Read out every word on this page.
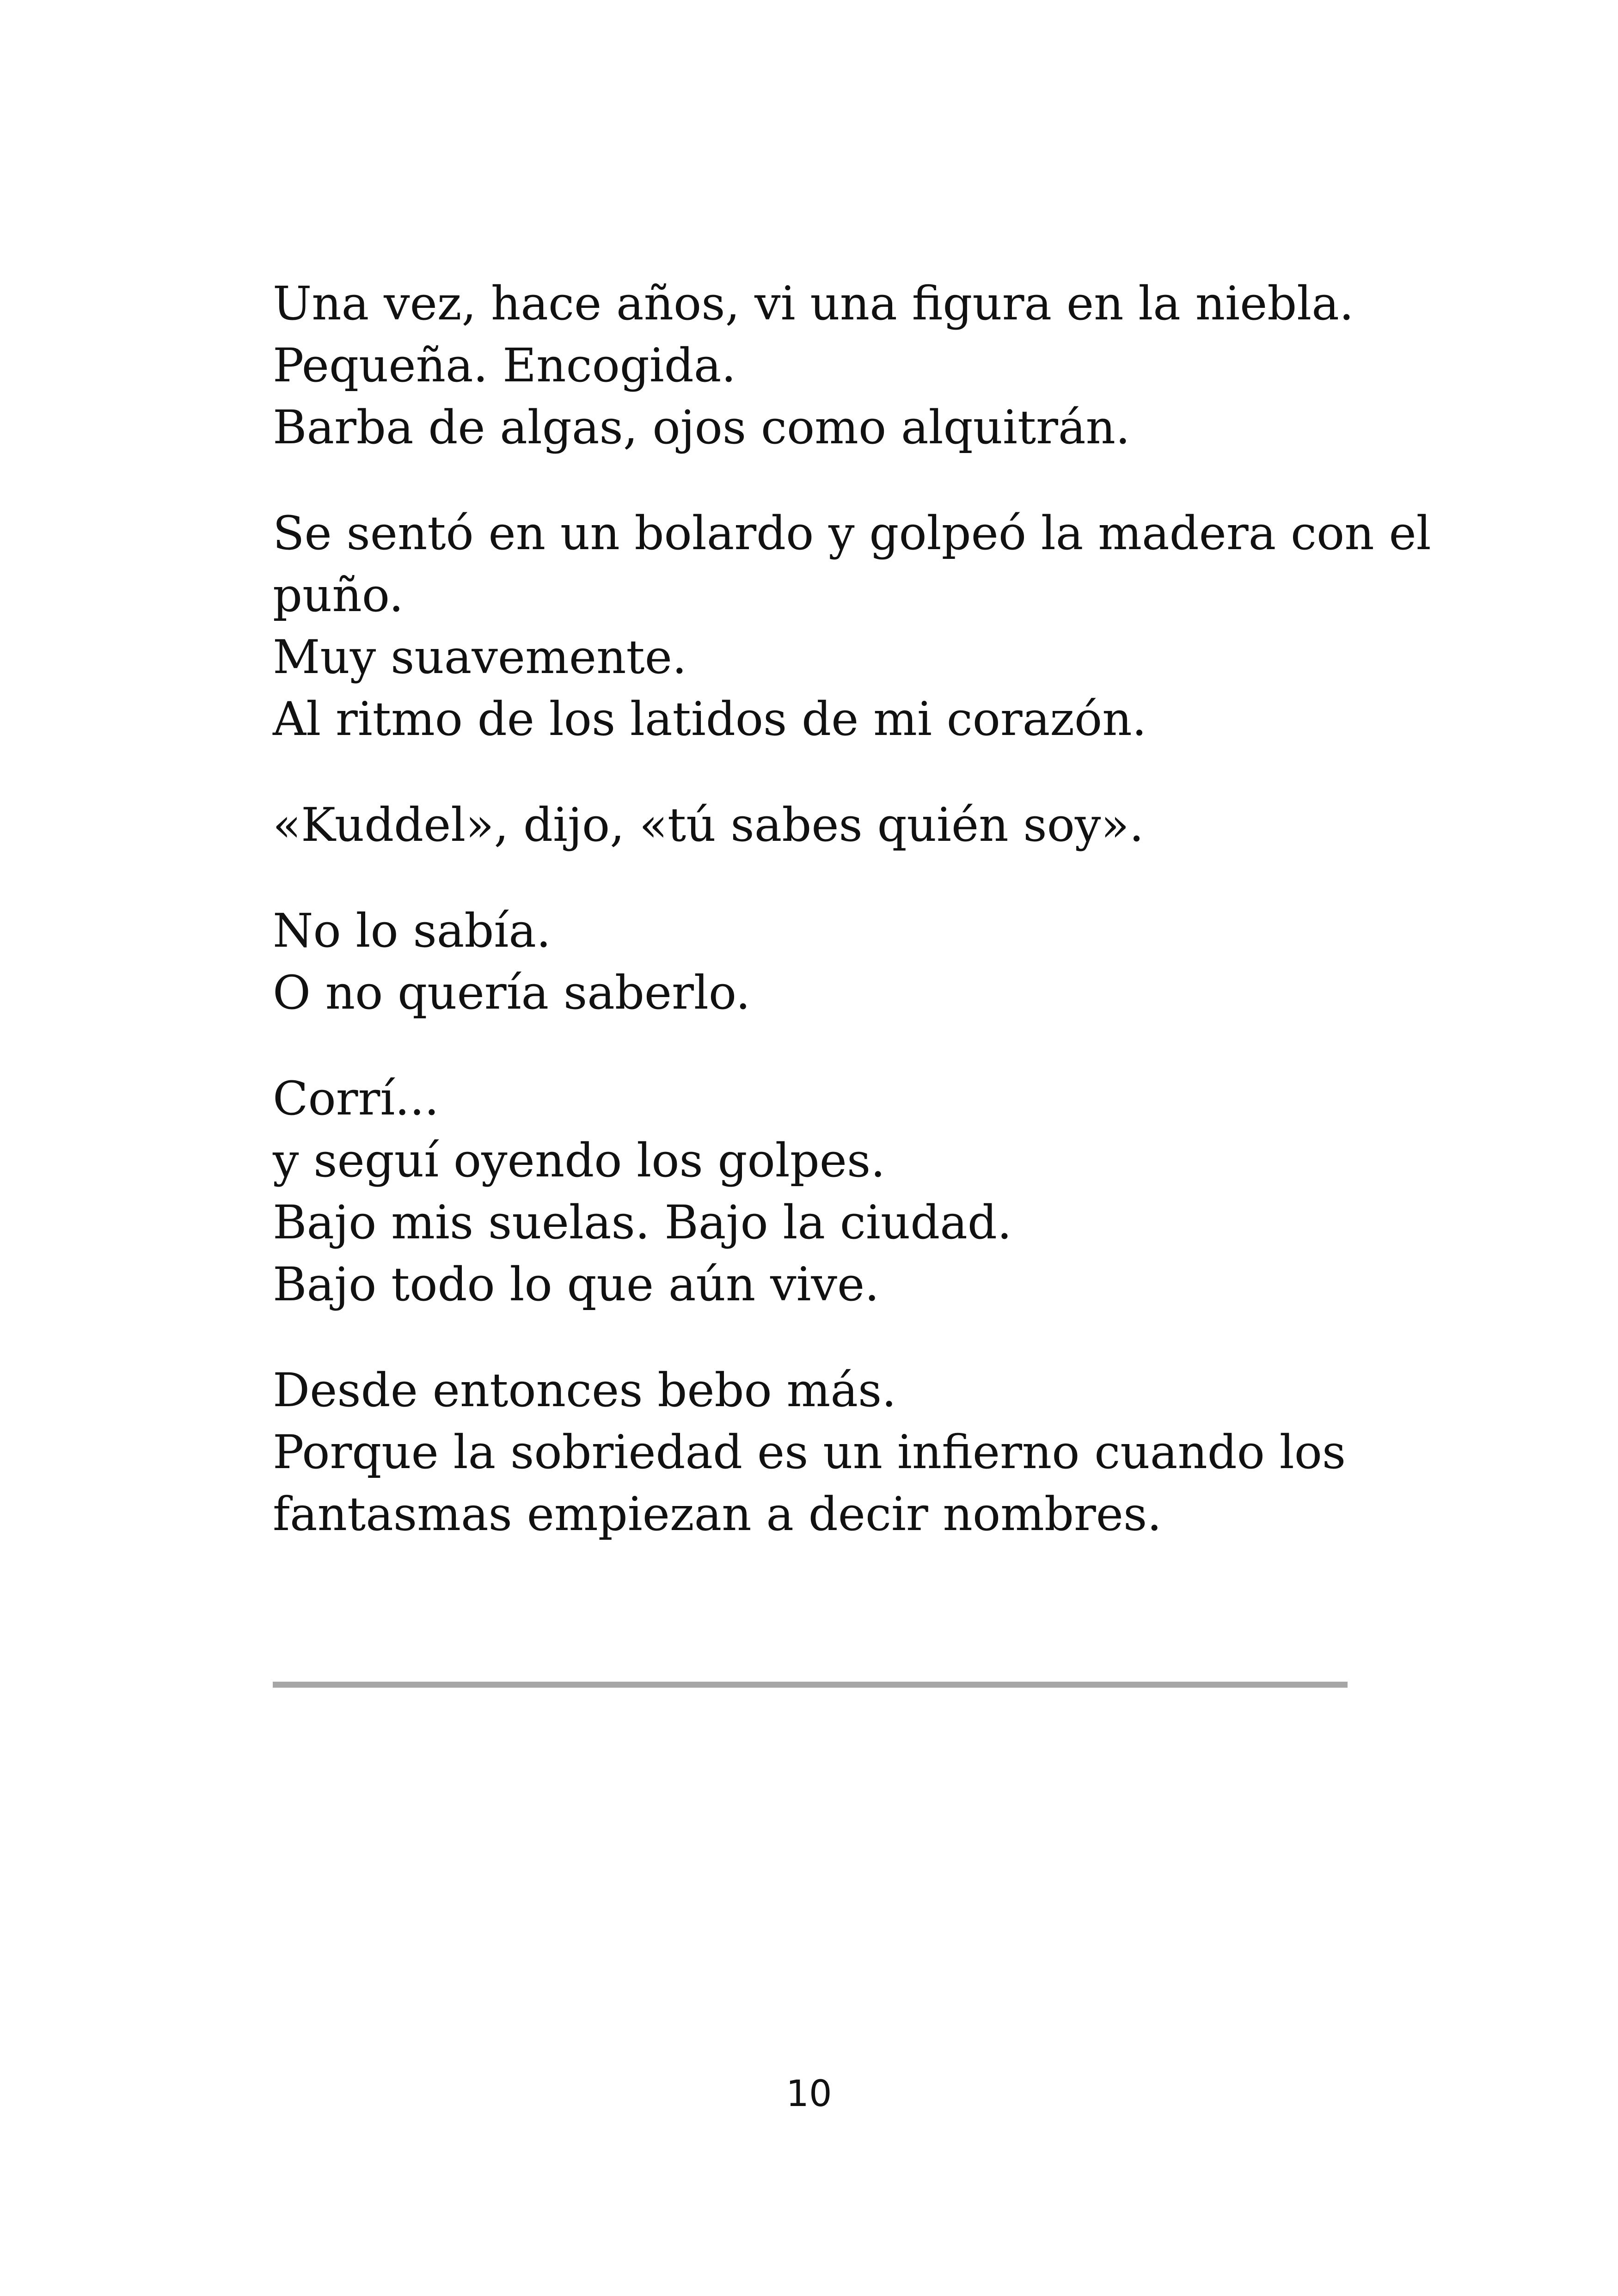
Una vez, hace años, vi una figura en la niebla.
Pequeña. Encogida.
Barba de algas, ojos como alquitrán.

Se sentó en un bolardo y golpeó la madera con el
puño.
Muy suavemente.
Al ritmo de los latidos de mi corazón.

«Kuddel», dijo, «tú sabes quién soy».

No lo sabía.
O no quería saberlo.

Corrí...
y seguí oyendo los golpes.
Bajo mis suelas. Bajo la ciudad.
Bajo todo lo que aún vive.

Desde entonces bebo más.
Porque la sobriedad es un infierno cuando los
fantasmas empiezan a decir nombres.

10
